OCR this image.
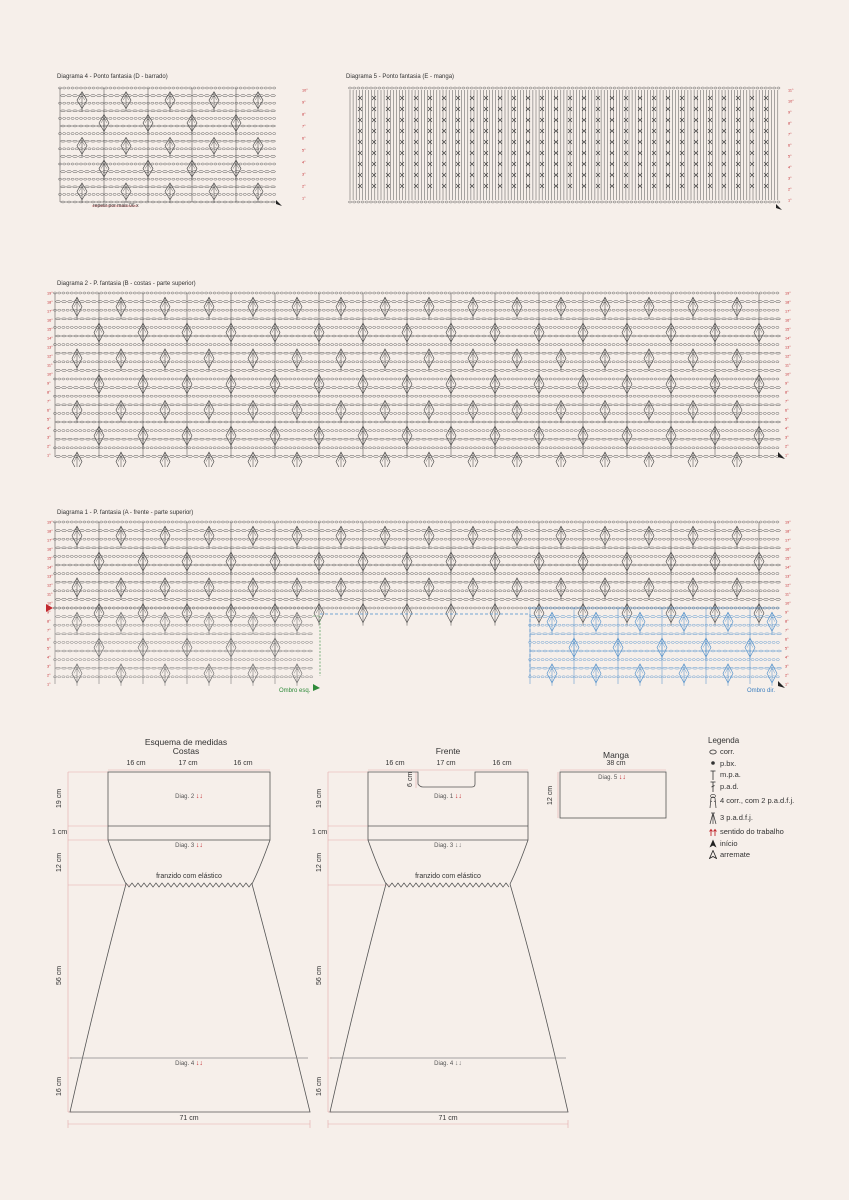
Diagrama 4 - Ponto fantasia (D - barrado)
10°
9°
8°
7°
6°
5°
4°
3°
2°
1°
repetir por mais 06 x
Diagrama 5 - Ponto fantasia (E - manga)
11°
10°
9°
8°
7°
6°
5°
4°
3°
2°
1°
Diagrama 2 - P. fantasia (B - costas - parte superior)
19°
18°
17°
16°
15°
14°
13°
12°
11°
10°
9°
8°
7°
6°
5°
4°
3°
2°
1°
19°
18°
17°
16°
15°
14°
13°
12°
11°
10°
9°
8°
7°
6°
5°
4°
3°
2°
1°
Diagrama 1 - P. fantasia (A - frente - parte superior)
19°
18°
17°
16°
15°
14°
13°
12°
11°
10°
9°
8°
7°
6°
5°
4°
3°
2°
1°
19°
18°
17°
16°
15°
14°
13°
12°
11°
10°
9°
8°
7°
6°
5°
4°
3°
2°
1°
Ombro esq.	Ombro dir.
Esquema de medidas
Costas	Frente	Manga
38 cm
16 cm	17 cm	16 cm
19 cm
1 cm
12 cm
56 cm
16 cm
71 cm
franzido com elástico
Diag. 2 ↓↓
Diag. 3 ↓↓
Diag. 4 ↓↓
16 cm	17 cm	16 cm
6 cm
19 cm
1 cm
12 cm
56 cm
16 cm
71 cm
franzido com elástico
Diag. 1 ↓↓
Diag. 3 ↓↓
Diag. 4 ↓↓
12 cm
Diag. 5 ↓↓
Legenda
corr.
p.bx.
m.p.a.
p.a.d.
4 corr., com 2 p.a.d.f.j.
3 p.a.d.f.j.
sentido do trabalho
início
arremate
